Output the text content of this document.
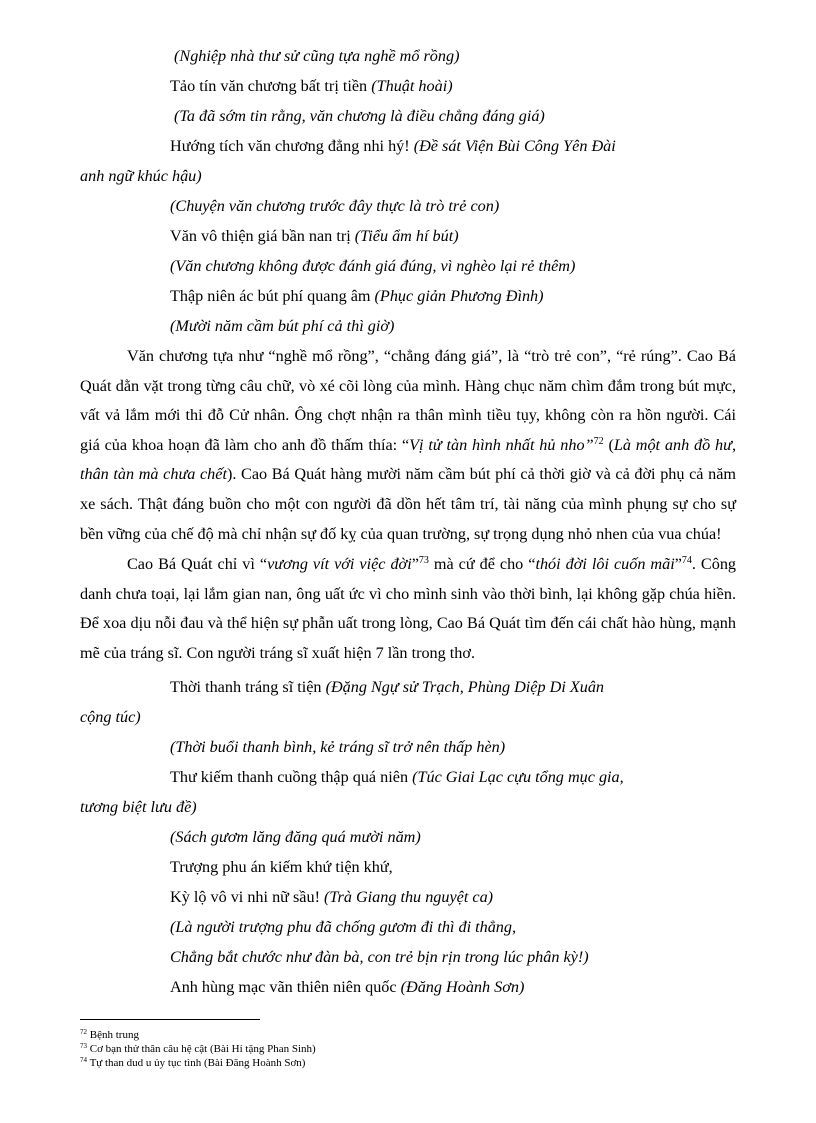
(Nghiệp nhà thư sử cũng tựa nghề mổ rồng)
Tảo tín văn chương bất trị tiền (Thuật hoài)
(Ta đã sớm tin rằng, văn chương là điều chẳng đáng giá)
Hướng tích văn chương đẳng nhi hý! (Đề sát Viện Bùi Công Yên Đài
anh ngữ khúc hậu)
(Chuyện văn chương trước đây thực là trò trẻ con)
Văn vô thiện giá bần nan trị (Tiểu ẩm hí bút)
(Văn chương không được đánh giá đúng, vì nghèo lại rẻ thêm)
Thập niên ác bút phí quang âm (Phục giản Phương Đình)
(Mười năm cầm bút phí cả thì giờ)

Văn chương tựa như “nghề mổ rồng”, “chẳng đáng giá”, là “trò trẻ con”, “rẻ rúng”. Cao Bá Quát dằn vặt trong từng câu chữ, vò xé cõi lòng của mình. Hàng chục năm chìm đắm trong bút mực, vất vả lắm mới thi đỗ Cử nhân. Ông chợt nhận ra thân mình tiều tụy, không còn ra hồn người. Cái giá của khoa hoạn đã làm cho anh đồ thấm thía: “Vị tử tàn hình nhất hủ nho”$^{72}$ (Là một anh đồ hư, thân tàn mà chưa chết). Cao Bá Quát hàng mười năm cầm bút phí cả thời giờ và cả đời phụ cả năm xe sách. Thật đáng buồn cho một con người đã dồn hết tâm trí, tài năng của mình phụng sự cho sự bền vững của chế độ mà chỉ nhận sự đố kỵ của quan trường, sự trọng dụng nhỏ nhen của vua chúa!

Cao Bá Quát chỉ vì “vương vít với việc đời”$^{73}$ mà cứ để cho “thói đời lôi cuốn mãi”$^{74}$. Công danh chưa toại, lại lắm gian nan, ông uất ức vì cho mình sinh vào thời bình, lại không gặp chúa hiền. Để xoa dịu nỗi đau và thể hiện sự phẫn uất trong lòng, Cao Bá Quát tìm đến cái chất hào hùng, mạnh mẽ của tráng sĩ. Con người tráng sĩ xuất hiện 7 lần trong thơ.

Thời thanh tráng sĩ tiện (Đặng Ngự sử Trạch, Phùng Diệp Di Xuân
cộng túc)
(Thời buổi thanh bình, kẻ tráng sĩ trở nên thấp hèn)
Thư kiếm thanh cuồng thập quá niên (Túc Giai Lạc cựu tổng mục gia,
tương biệt lưu đề)
(Sách gươm lăng đăng quá mười năm)
Trượng phu án kiếm khứ tiện khứ,
Kỳ lộ vô vi nhi nữ sầu! (Trà Giang thu nguyệt ca)
(Là người trượng phu đã chống gươm đi thì đi thẳng,
Chẳng bắt chước như đàn bà, con trẻ bịn rịn trong lúc phân kỳ!)
Anh hùng mạc vãn thiên niên quốc (Đăng Hoành Sơn)
$^{72}$ Bệnh trung
$^{73}$ Cơ bạn thử thân câu hệ cật (Bài Hí tặng Phan Sinh)
$^{74}$ Tự than dud u ủy tục tình (Bài Đăng Hoành Sơn)
